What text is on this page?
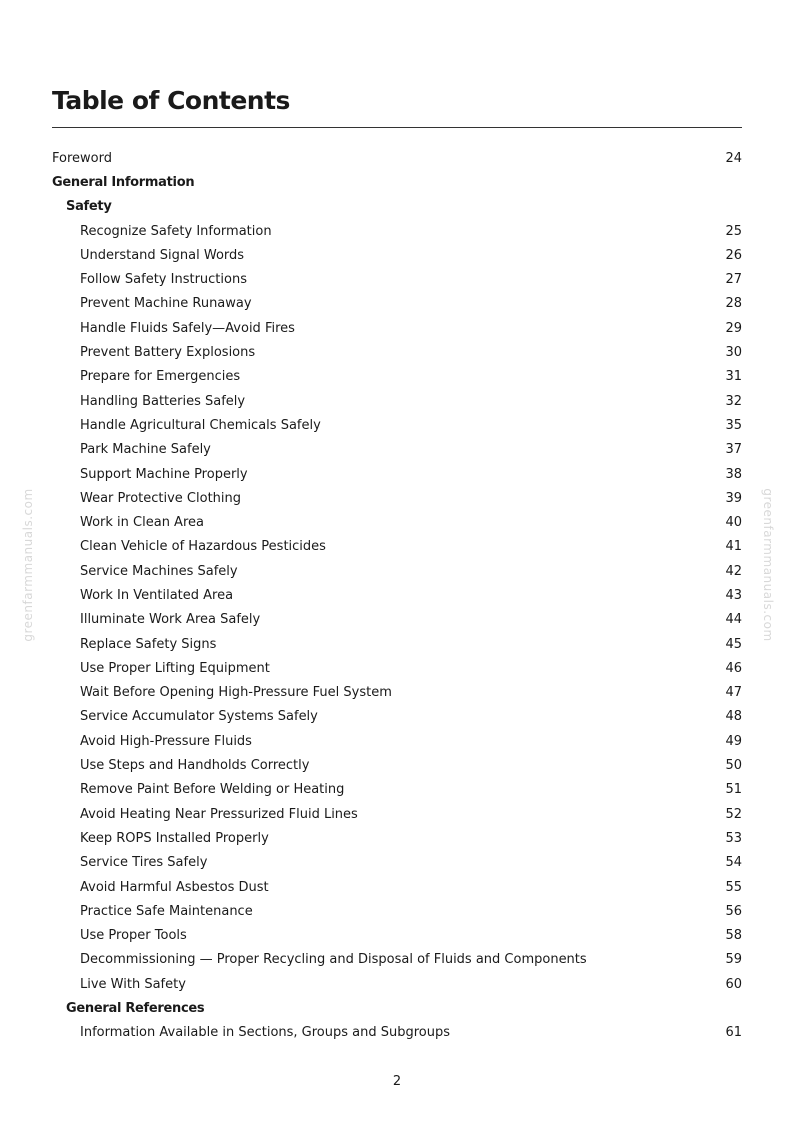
Table of Contents
Foreword	24
General Information
Safety
Recognize Safety Information	25
Understand Signal Words	26
Follow Safety Instructions	27
Prevent Machine Runaway	28
Handle Fluids Safely—Avoid Fires	29
Prevent Battery Explosions	30
Prepare for Emergencies	31
Handling Batteries Safely	32
Handle Agricultural Chemicals Safely	35
Park Machine Safely	37
Support Machine Properly	38
Wear Protective Clothing	39
Work in Clean Area	40
Clean Vehicle of Hazardous Pesticides	41
Service Machines Safely	42
Work In Ventilated Area	43
Illuminate Work Area Safely	44
Replace Safety Signs	45
Use Proper Lifting Equipment	46
Wait Before Opening High-Pressure Fuel System	47
Service Accumulator Systems Safely	48
Avoid High-Pressure Fluids	49
Use Steps and Handholds Correctly	50
Remove Paint Before Welding or Heating	51
Avoid Heating Near Pressurized Fluid Lines	52
Keep ROPS Installed Properly	53
Service Tires Safely	54
Avoid Harmful Asbestos Dust	55
Practice Safe Maintenance	56
Use Proper Tools	58
Decommissioning — Proper Recycling and Disposal of Fluids and Components	59
Live With Safety	60
General References
Information Available in Sections, Groups and Subgroups	61
greenfarmmanuals.com	greenfarmmanuals.com
2
